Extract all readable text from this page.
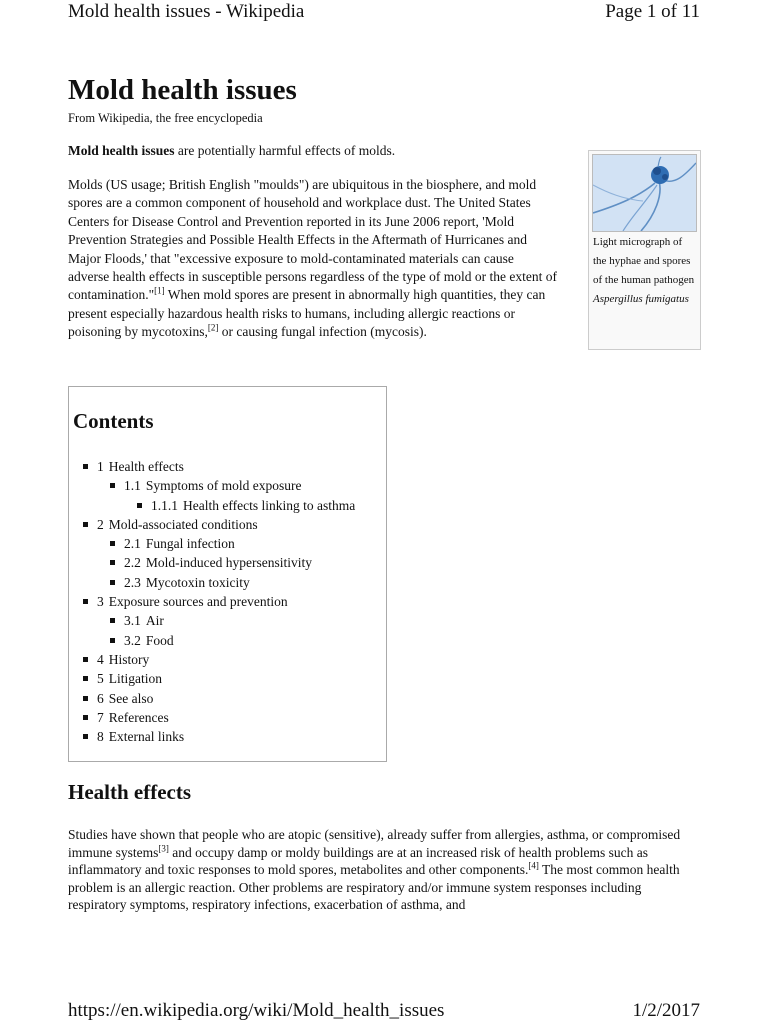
Mold health issues - Wikipedia	Page 1 of 11
Mold health issues
From Wikipedia, the free encyclopedia
Mold health issues are potentially harmful effects of molds.
Molds (US usage; British English "moulds") are ubiquitous in the biosphere, and mold spores are a common component of household and workplace dust. The United States Centers for Disease Control and Prevention reported in its June 2006 report, 'Mold Prevention Strategies and Possible Health Effects in the Aftermath of Hurricanes and Major Floods,' that "excessive exposure to mold-contaminated materials can cause adverse health effects in susceptible persons regardless of the type of mold or the extent of contamination."[1] When mold spores are present in abnormally high quantities, they can present especially hazardous health risks to humans, including allergic reactions or poisoning by mycotoxins,[2] or causing fungal infection (mycosis).
Light micrograph of the hyphae and spores of the human pathogen Aspergillus fumigatus
Contents
1 Health effects
1.1 Symptoms of mold exposure
1.1.1 Health effects linking to asthma
2 Mold-associated conditions
2.1 Fungal infection
2.2 Mold-induced hypersensitivity
2.3 Mycotoxin toxicity
3 Exposure sources and prevention
3.1 Air
3.2 Food
4 History
5 Litigation
6 See also
7 References
8 External links
Health effects
Studies have shown that people who are atopic (sensitive), already suffer from allergies, asthma, or compromised immune systems[3] and occupy damp or moldy buildings are at an increased risk of health problems such as inflammatory and toxic responses to mold spores, metabolites and other components.[4] The most common health problem is an allergic reaction. Other problems are respiratory and/or immune system responses including respiratory symptoms, respiratory infections, exacerbation of asthma, and
https://en.wikipedia.org/wiki/Mold_health_issues	1/2/2017
